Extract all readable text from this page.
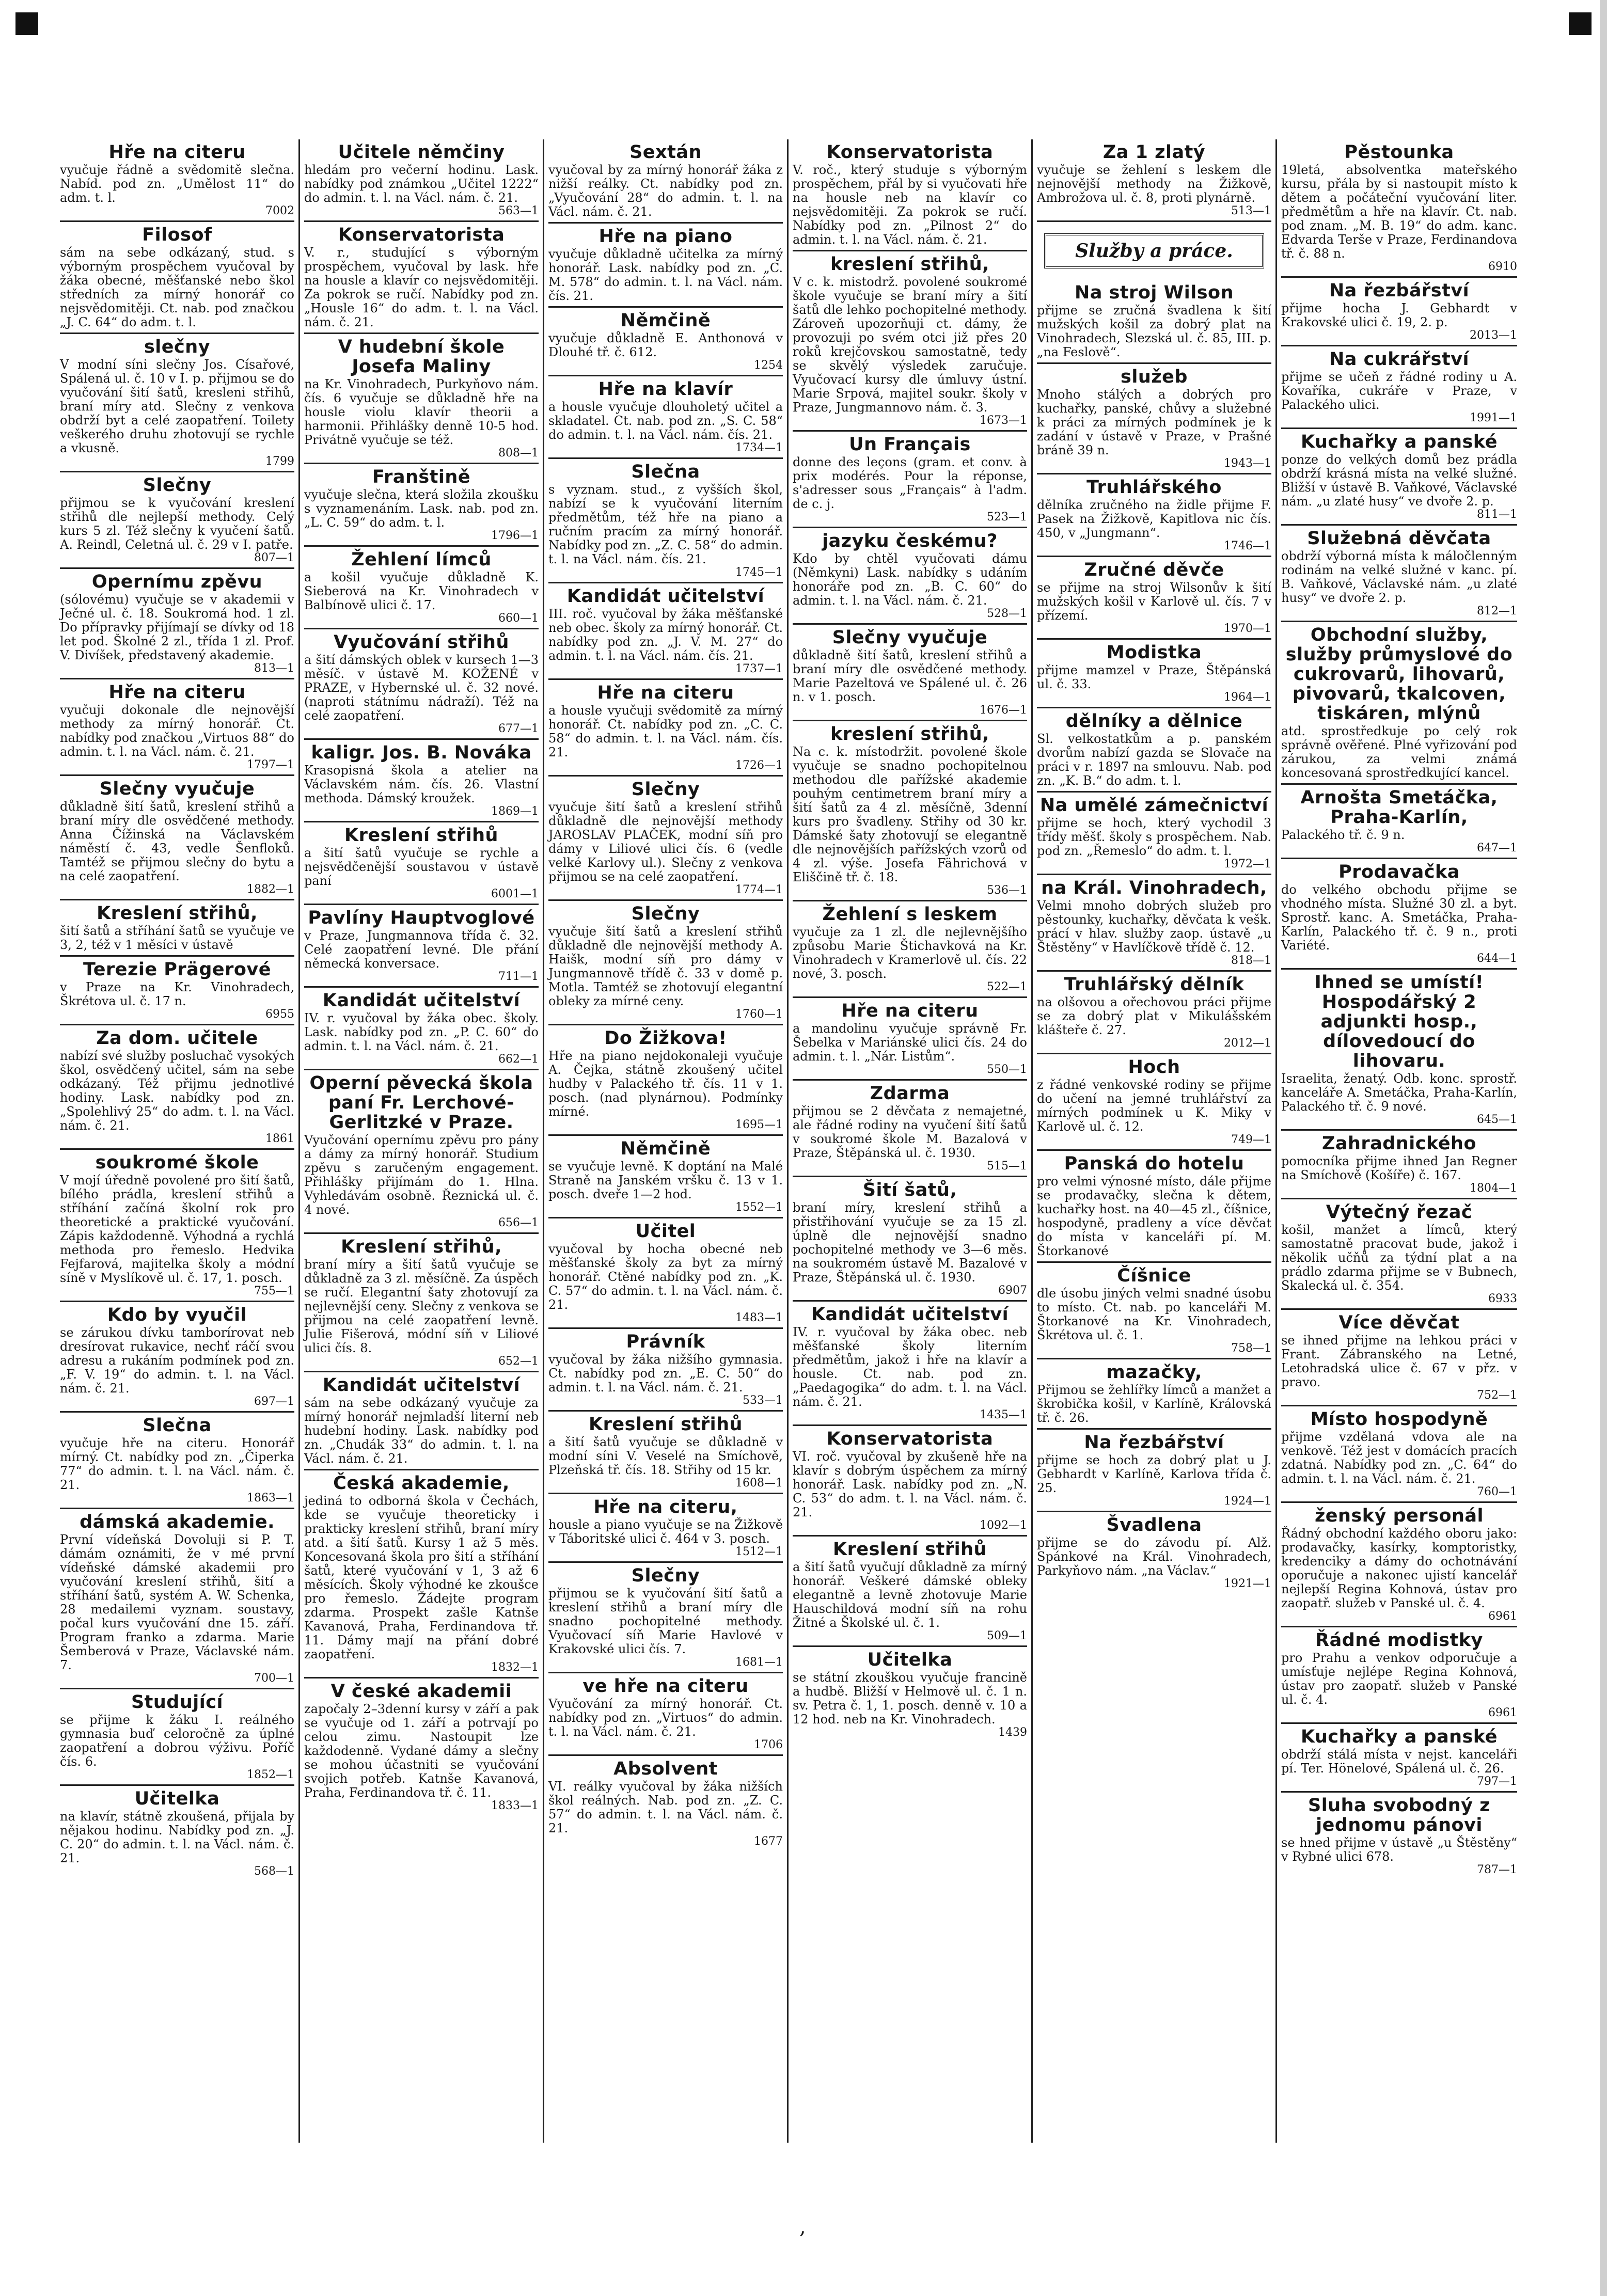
Hře na citeru
vyučuje řádně a svědomitě slečna. Nabíd. pod zn. „Umělost 11“ do adm. t. l.
7002
Filosof
sám na sebe odkázaný, stud. s výborným prospěchem vyučoval by žáka obecné, měšťanské nebo škol středních za mírný honorář co nejsvědomitěji. Ct. nab. pod značkou „J. C. 64“ do adm. t. l.
slečny
V modní síni slečny Jos. Císařové, Spálená ul. č. 10 v I. p. přijmou se do vyučování šití šatů, kresleni střihů, braní míry atd. Slečny z venkova obdrží byt a celé zaopatření. Toilety veškerého druhu zhotovují se rychle a vkusně.
1799
Slečny
přijmou se k vyučování kreslení střihů dle nejlepší methody. Celý kurs 5 zl. Též slečny k vyučení šatů. A. Reindl, Celetná ul. č. 29 v I. patře.
807—1
Opernímu zpěvu
(sólovému) vyučuje se v akademii v Ječné ul. č. 18. Soukromá hod. 1 zl. Do přípravky přijímají se dívky od 18 let pod. Školné 2 zl., třída 1 zl. Prof. V. Divíšek, představený akademie.
813—1
Hře na citeru
vyučuji dokonale dle nejnovější methody za mírný honorář. Ct. nabídky pod značkou „Virtuos 88“ do admin. t. l. na Václ. nám. č. 21.
1797—1
Slečny vyučuje
důkladně šití šatů, kreslení střihů a braní míry dle osvědčené methody. Anna Čížinská na Václavském náměstí č. 43, vedle Šenfloků. Tamtéž se přijmou slečny do bytu a na celé zaopatření.
1882—1
Kreslení střihů,
šití šatů a stříhání šatů se vyučuje ve 3, 2, též v 1 měsíci v ústavě
Terezie Prägerové
v Praze na Kr. Vinohradech, Škrétova ul. č. 17 n.
6955
Za dom. učitele
nabízí své služby posluchač vysokých škol, osvědčený učitel, sám na sebe odkázaný. Též přijmu jednotlivé hodiny. Lask. nabídky pod zn. „Spolehlivý 25“ do adm. t. l. na Václ. nám. č. 21.
1861
soukromé škole
V mojí úředně povolené pro šití šatů, bílého prádla, kreslení střihů a stříhání začíná školní rok pro theoretické a praktické vyučování. Zápis každodenně. Výhodná a rychlá methoda pro řemeslo. Hedvika Fejfarová, majitelka školy a módní síně v Myslíkově ul. č. 17, 1. posch.
755—1
Kdo by vyučil
se zárukou dívku tamborírovat neb dresírovat rukavice, nechť ráčí svou adresu a rukáním podmínek pod zn. „F. V. 19“ do admin. t. l. na Václ. nám. č. 21.
697—1
Slečna
vyučuje hře na citeru. Honorář mírný. Ct. nabídky pod zn. „Čiperka 77“ do admin. t. l. na Václ. nám. č. 21.
1863—1
dámská akademie.
První vídeňská Dovoluji si P. T. dámám oznámiti, že v mé první vídeňské dámské akademii pro vyučování kreslení střihů, šití a stříhání šatů, systém A. W. Schenka, 28 medailemi vyznam. soustavy, počal kurs vyučování dne 15. září. Program franko a zdarma. Marie Šemberová v Praze, Václavské nám. 7.
700—1
Studující
se přijme k žáku I. reálného gymnasia buď celoročně za úplné zaopatření a dobrou výživu. Poříč čís. 6.
1852—1
Učitelka
na klavír, státně zkoušená, přijala by nějakou hodinu. Nabídky pod zn. „J. C. 20“ do admin. t. l. na Václ. nám. č. 21.
568—1
Učitele němčiny
hledám pro večerní hodinu. Lask. nabídky pod známkou „Učitel 1222“ do admin. t. l. na Václ. nám. č. 21.
563—1
Konservatorista
V. r., studující s výborným prospěchem, vyučoval by lask. hře na housle a klavír co nejsvědomitěji. Za pokrok se ručí. Nabídky pod zn. „Housle 16“ do adm. t. l. na Václ. nám. č. 21.
V hudební škole Josefa Maliny
na Kr. Vinohradech, Purkyňovo nám. čís. 6 vyučuje se důkladně hře na housle violu klavír theorii a harmonii. Přihlášky denně 10-5 hod. Privátně vyučuje se též.
808—1
Franštině
vyučuje slečna, která složila zkoušku s vyznamenáním. Lask. nab. pod zn. „L. C. 59“ do adm. t. l.
1796—1
Žehlení límců
a košil vyučuje důkladně K. Sieberová na Kr. Vinohradech v Balbínově ulici č. 17.
660—1
Vyučování střihů
a šití dámských oblek v kursech 1—3 měsíč. v ústavě M. KOŽENÉ v PRAZE, v Hybernské ul. č. 32 nové. (naproti státnímu nádraží). Též na celé zaopatření.
677—1
kaligr. Jos. B. Nováka
Krasopisná škola a atelier na Václavském nám. čís. 26. Vlastní methoda. Dámský kroužek.
1869—1
Kreslení střihů
a šití šatů vyučuje se rychle a nejsvědčenější soustavou v ústavě paní
6001—1
Pavlíny Hauptvoglové
v Praze, Jungmannova třída č. 32. Celé zaopatření levné. Dle přání německá konversace.
711—1
Kandidát učitelství
IV. r. vyučoval by žáka obec. školy. Lask. nabídky pod zn. „P. C. 60“ do admin. t. l. na Václ. nám. č. 21.
662—1
Operní pěvecká škola paní Fr. Lerchové-Gerlitzké v Praze.
Vyučování opernímu zpěvu pro pány a dámy za mírný honorář. Studium zpěvu s zaručeným engagement. Přihlášky přijímám do 1. Hlna. Vyhledávám osobně. Řeznická ul. č. 4 nové.
656—1
Kreslení střihů,
braní míry a šití šatů vyučuje se důkladně za 3 zl. měsíčně. Za úspěch se ručí. Elegantní šaty zhotovují za nejlevnější ceny. Slečny z venkova se přijmou na celé zaopatření levně. Julie Fišerová, módní síň v Liliové ulici čís. 8.
652—1
Kandidát učitelství
sám na sebe odkázaný vyučuje za mírný honorář nejmladší literní neb hudební hodiny. Lask. nabídky pod zn. „Chudák 33“ do admin. t. l. na Václ. nám. č. 21.
Česká akademie,
jediná to odborná škola v Čechách, kde se vyučuje theoreticky i prakticky kreslení střihů, braní míry atd. a šití šatů. Kursy 1 až 5 měs. Koncesovaná škola pro šití a stříhání šatů, které vyučování v 1, 3 až 6 měsících. Školy výhodné ke zkoušce pro řemeslo. Žádejte program zdarma. Prospekt zašle Katnše Kavanová, Praha, Ferdinandova tř. 11. Dámy mají na přání dobré zaopatření.
1832—1
V české akademii
započaly 2–3denní kursy v září a pak se vyučuje od 1. září a potrvají po celou zimu. Nastoupit lze každodenně. Vydané dámy a slečny se mohou účastniti se vyučování svojich potřeb. Katnše Kavanová, Praha, Ferdinandova tř. č. 11.
1833—1
Sextán
vyučoval by za mírný honorář žáka z nižší reálky. Ct. nabídky pod zn. „Vyučování 28“ do admin. t. l. na Václ. nám. č. 21.
Hře na piano
vyučuje důkladně učitelka za mírný honorář. Lask. nabídky pod zn. „C. M. 578“ do admin. t. l. na Václ. nám. čís. 21.
Němčině
vyučuje důkladně E. Anthonová v Dlouhé tř. č. 612.
1254
Hře na klavír
a housle vyučuje dlouholetý učitel a skladatel. Ct. nab. pod zn. „S. C. 58“ do admin. t. l. na Václ. nám. čís. 21.
1734—1
Slečna
s vyznam. stud., z vyšších škol, nabízí se k vyučování literním předmětům, též hře na piano a ručním pracím za mírný honorář. Nabídky pod zn. „Z. C. 58“ do admin. t. l. na Václ. nám. čís. 21.
1745—1
Kandidát učitelství
III. roč. vyučoval by žáka měšťanské neb obec. školy za mírný honorář. Ct. nabídky pod zn. „J. V. M. 27“ do admin. t. l. na Václ. nám. čís. 21.
1737—1
Hře na citeru
a housle vyučuji svědomitě za mírný honorář. Ct. nabídky pod zn. „C. C. 58“ do admin. t. l. na Václ. nám. čís. 21.
1726—1
Slečny
vyučuje šití šatů a kreslení střihů důkladně dle nejnovější methody JAROSLAV PLAČEK, modní síň pro dámy v Liliové ulici čís. 6 (vedle velké Karlovy ul.). Slečny z venkova přijmou se na celé zaopatření.
1774—1
Slečny
vyučuje šití šatů a kreslení střihů důkladně dle nejnovější methody A. Haišk, modní síň pro dámy v Jungmannově třídě č. 33 v domě p. Motla. Tamtéž se zhotovují elegantní obleky za mírné ceny.
1760—1
Do Žižkova!
Hře na piano nejdokonaleji vyučuje A. Čejka, státně zkoušený učitel hudby v Palackého tř. čís. 11 v 1. posch. (nad plynárnou). Podmínky mírné.
1695—1
Němčině
se vyučuje levně. K doptání na Malé Straně na Janském vršku č. 13 v 1. posch. dveře 1—2 hod.
1552—1
Učitel
vyučoval by hocha obecné neb měšťanské školy za byt za mírný honorář. Ctěné nabídky pod zn. „K. C. 57“ do admin. t. l. na Václ. nám. č. 21.
1483—1
Právník
vyučoval by žáka nižšího gymnasia. Ct. nabídky pod zn. „E. C. 50“ do admin. t. l. na Václ. nám. č. 21.
533—1
Kreslení střihů
a šití šatů vyučuje se důkladně v modní síni V. Veselé na Smíchově, Plzeňská tř. čís. 18. Střihy od 15 kr.
1608—1
Hře na citeru,
housle a piano vyučuje se na Žižkově v Táboritské ulici č. 464 v 3. posch.
1512—1
Slečny
přijmou se k vyučování šití šatů a kreslení střihů a braní míry dle snadno pochopitelné methody. Vyučovací síň Marie Havlové v Krakovské ulici čís. 7.
1681—1
ve hře na citeru
Vyučování za mírný honorář. Ct. nabídky pod zn. „Virtuos“ do admin. t. l. na Václ. nám. č. 21.
1706
Absolvent
VI. reálky vyučoval by žáka nižších škol reálných. Nab. pod zn. „Z. C. 57“ do admin. t. l. na Václ. nám. č. 21.
1677
Konservatorista
V. roč., který studuje s výborným prospěchem, přál by si vyučovati hře na housle neb na klavír co nejsvědomitěji. Za pokrok se ručí. Nabídky pod zn. „Pilnost 2“ do admin. t. l. na Václ. nám. č. 21.
kreslení střihů,
V c. k. mistodrž. povolené soukromé škole vyučuje se braní míry a šití šatů dle lehko pochopitelné methody. Zároveň upozorňuji ct. dámy, že provozuji po svém otci již přes 20 roků krejčovskou samostatně, tedy se skvělý výsledek zaručuje. Vyučovací kursy dle úmluvy ústní. Marie Srpová, majitel soukr. školy v Praze, Jungmannovo nám. č. 3.
1673—1
Un Français
donne des leçons (gram. et conv. à prix modérés. Pour la réponse, s'adresser sous „Français“ à l'adm. de c. j.
523—1
jazyku českému?
Kdo by chtěl vyučovati dámu (Němkyni) Lask. nabídky s udáním honoráře pod zn. „B. C. 60“ do admin. t. l. na Václ. nám. č. 21.
528—1
Slečny vyučuje
důkladně šití šatů, kreslení střihů a braní míry dle osvědčené methody. Marie Pazeltová ve Spálené ul. č. 26 n. v 1. posch.
1676—1
kreslení střihů,
Na c. k. místodržit. povolené škole vyučuje se snadno pochopitelnou methodou dle pařížské akademie pouhým centimetrem braní míry a šití šatů za 4 zl. měsíčně, 3denní kurs pro švadleny. Střihy od 30 kr. Dámské šaty zhotovují se elegantně dle nejnovějších pařížských vzorů od 4 zl. výše. Josefa Fährichová v Eliščině tř. č. 18.
536—1
Žehlení s leskem
vyučuje za 1 zl. dle nejlevnějšího způsobu Marie Štichavková na Kr. Vinohradech v Kramerlově ul. čís. 22 nové, 3. posch.
522—1
Hře na citeru
a mandolinu vyučuje správně Fr. Šebelka v Mariánské ulici čís. 24 do admin. t. l. „Nár. Listům“.
550—1
Zdarma
přijmou se 2 děvčata z nemajetné, ale řádné rodiny na vyučení šití šatů v soukromé škole M. Bazalová v Praze, Štěpánská ul. č. 1930.
515—1
Šití šatů,
braní míry, kreslení střihů a přistřihování vyučuje se za 15 zl. úplně dle nejnovější snadno pochopitelné methody ve 3—6 měs. na soukromém ústavě M. Bazalové v Praze, Štěpánská ul. č. 1930.
6907
Kandidát učitelství
IV. r. vyučoval by žáka obec. neb měšťanské školy literním předmětům, jakož i hře na klavír a housle. Ct. nab. pod zn. „Paedagogika“ do adm. t. l. na Václ. nám. č. 21.
1435—1
Konservatorista
VI. roč. vyučoval by zkušeně hře na klavír s dobrým úspěchem za mírný honorář. Lask. nabídky pod zn. „N. C. 53“ do adm. t. l. na Václ. nám. č. 21.
1092—1
Kreslení střihů
a šití šatů vyučují důkladně za mírný honorář. Veškeré dámské obleky elegantně a levně zhotovuje Marie Hauschildová modní síň na rohu Žitné a Školské ul. č. 1.
509—1
Učitelka
se státní zkouškou vyučuje francině a hudbě. Bližší v Helmově ul. č. 1 n. sv. Petra č. 1, 1. posch. denně v. 10 a 12 hod. neb na Kr. Vinohradech.
1439
Za 1 zlatý
vyučuje se žehlení s leskem dle nejnovější methody na Žižkově, Ambrožova ul. č. 8, proti plynárně.
513—1
Služby a práce.
Na stroj Wilson
přijme se zručná švadlena k šití mužských košil za dobrý plat na Vinohradech, Slezská ul. č. 85, III. p. „na Feslově“.
služeb
Mnoho stálých a dobrých pro kuchařky, panské, chůvy a služebné k práci za mírných podmínek je k zadání v ústavě v Praze, v Prašné bráně 39 n.
1943—1
Truhlářského
dělníka zručného na židle přijme F. Pasek na Žižkově, Kapitlova nic čís. 450, v „Jungmann“.
1746—1
Zručné děvče
se přijme na stroj Wilsonův k šití mužských košil v Karlově ul. čís. 7 v přízemí.
1970—1
Modistka
přijme mamzel v Praze, Štěpánská ul. č. 33.
1964—1
dělníky a dělnice
Sl. velkostatkům a p. panském dvorům nabízí gazda se Slovače na práci v r. 1897 na smlouvu. Nab. pod zn. „K. B.“ do adm. t. l.
Na umělé zámečnictví
přijme se hoch, který vychodil 3 třídy měšť. školy s prospěchem. Nab. pod zn. „Řemeslo“ do adm. t. l.
1972—1
na Král. Vinohradech,
Velmi mnoho dobrých služeb pro pěstounky, kuchařky, děvčata k vešk. prácí v hlav. služby zaop. ústavě „u Štěstěny“ v Havlíčkově třídě č. 12.
818—1
Truhlářský dělník
na olšovou a ořechovou práci přijme se za dobrý plat v Mikulášském klášteře č. 27.
2012—1
Hoch
z řádné venkovské rodiny se přijme do učení na jemné truhlářství za mírných podmínek u K. Miky v Karlově ul. č. 12.
749—1
Panská do hotelu
pro velmi výnosné místo, dále přijme se prodavačky, slečna k dětem, kuchařky host. na 40—45 zl., číšnice, hospodyně, pradleny a více děvčat do místa v kanceláři pí. M. Štorkanové
Číšnice
dle úsobu jiných velmi snadné úsobu to místo. Ct. nab. po kanceláři M. Štorkanové na Kr. Vinohradech, Škrétova ul. č. 1.
758—1
mazačky,
Přijmou se žehlířky límců a manžet a škrobička košil, v Karlíně, Královská tř. č. 26.
Na řezbářství
přijme se hoch za dobrý plat u J. Gebhardt v Karlíně, Karlova třída č. 25.
1924—1
Švadlena
přijme se do závodu pí. Alž. Spánkové na Král. Vinohradech, Parkyňovo nám. „na Václav.“
1921—1
Pěstounka
19letá, absolventka mateřského kursu, přála by si nastoupit místo k dětem a počáteční vyučování liter. předmětům a hře na klavír. Ct. nab. pod znam. „M. B. 19“ do adm. kanc. Edvarda Terše v Praze, Ferdinandova tř. č. 88 n.
6910
Na řezbářství
přijme hocha J. Gebhardt v Krakovské ulici č. 19, 2. p.
2013—1
Na cukrářství
přijme se učeň z řádné rodiny u A. Kovaříka, cukráře v Praze, v Palackého ulici.
1991—1
Kuchařky a panské
ponze do velkých domů bez prádla obdrží krásná místa na velké služné. Bližší v ústavě B. Vaňkové, Václavské nám. „u zlaté husy“ ve dvoře 2. p.
811—1
Služebná děvčata
obdrží výborná místa k máločlenným rodinám na velké služné v kanc. pí. B. Vaňkové, Václavské nám. „u zlaté husy“ ve dvoře 2. p.
812—1
Obchodní služby, služby průmyslové do cukrovarů, lihovarů, pivovarů, tkalcoven, tiskáren, mlýnů
atd. sprostředkuje po celý rok správně ověřené. Plné vyřizování pod zárukou, za velmi známá koncesovaná sprostředkující kancel.
Arnošta Smetáčka, Praha-Karlín,
Palackého tř. č. 9 n.
647—1
Prodavačka
do velkého obchodu přijme se vhodného místa. Služné 30 zl. a byt. Sprostř. kanc. A. Smetáčka, Praha-Karlín, Palackého tř. č. 9 n., proti Variété.
644—1
Ihned se umístí! Hospodářský 2 adjunkti hosp., dílovedoucí do lihovaru.
Israelita, ženatý. Odb. konc. sprostř. kanceláře A. Smetáčka, Praha-Karlín, Palackého tř. č. 9 nové.
645—1
Zahradnického
pomocníka přijme ihned Jan Regner na Smíchově (Košíře) č. 167.
1804—1
Výtečný řezač
košil, manžet a límců, který samostatně pracovat bude, jakož i několik učňů za týdní plat a na prádlo zdarma přijme se v Bubnech, Skalecká ul. č. 354.
6933
Více děvčat
se ihned přijme na lehkou práci v Frant. Zábranského na Letné, Letohradská ulice č. 67 v přz. v pravo.
752—1
Místo hospodyně
přijme vzdělaná vdova ale na venkově. Též jest v domácích pracích zdatná. Nabídky pod zn. „C. 64“ do admin. t. l. na Václ. nám. č. 21.
760—1
ženský personál
Řádný obchodní každého oboru jako: prodavačky, kasírky, komptoristky, kredenciky a dámy do ochotnávání oporučuje a nakonec ujistí kancelář nejlepší Regina Kohnová, ústav pro zaopatř. služeb v Panské ul. č. 4.
6961
Řádné modistky
pro Prahu a venkov odporučuje a umísťuje nejlépe Regina Kohnová, ústav pro zaopatř. služeb v Panské ul. č. 4.
6961
Kuchařky a panské
obdrží stálá místa v nejst. kanceláři pí. Ter. Hönelové, Spálená ul. č. 26.
797—1
Sluha svobodný z jednomu pánovi
se hned přijme v ústavě „u Štěstěny“ v Rybné ulici 678.
787—1
,
